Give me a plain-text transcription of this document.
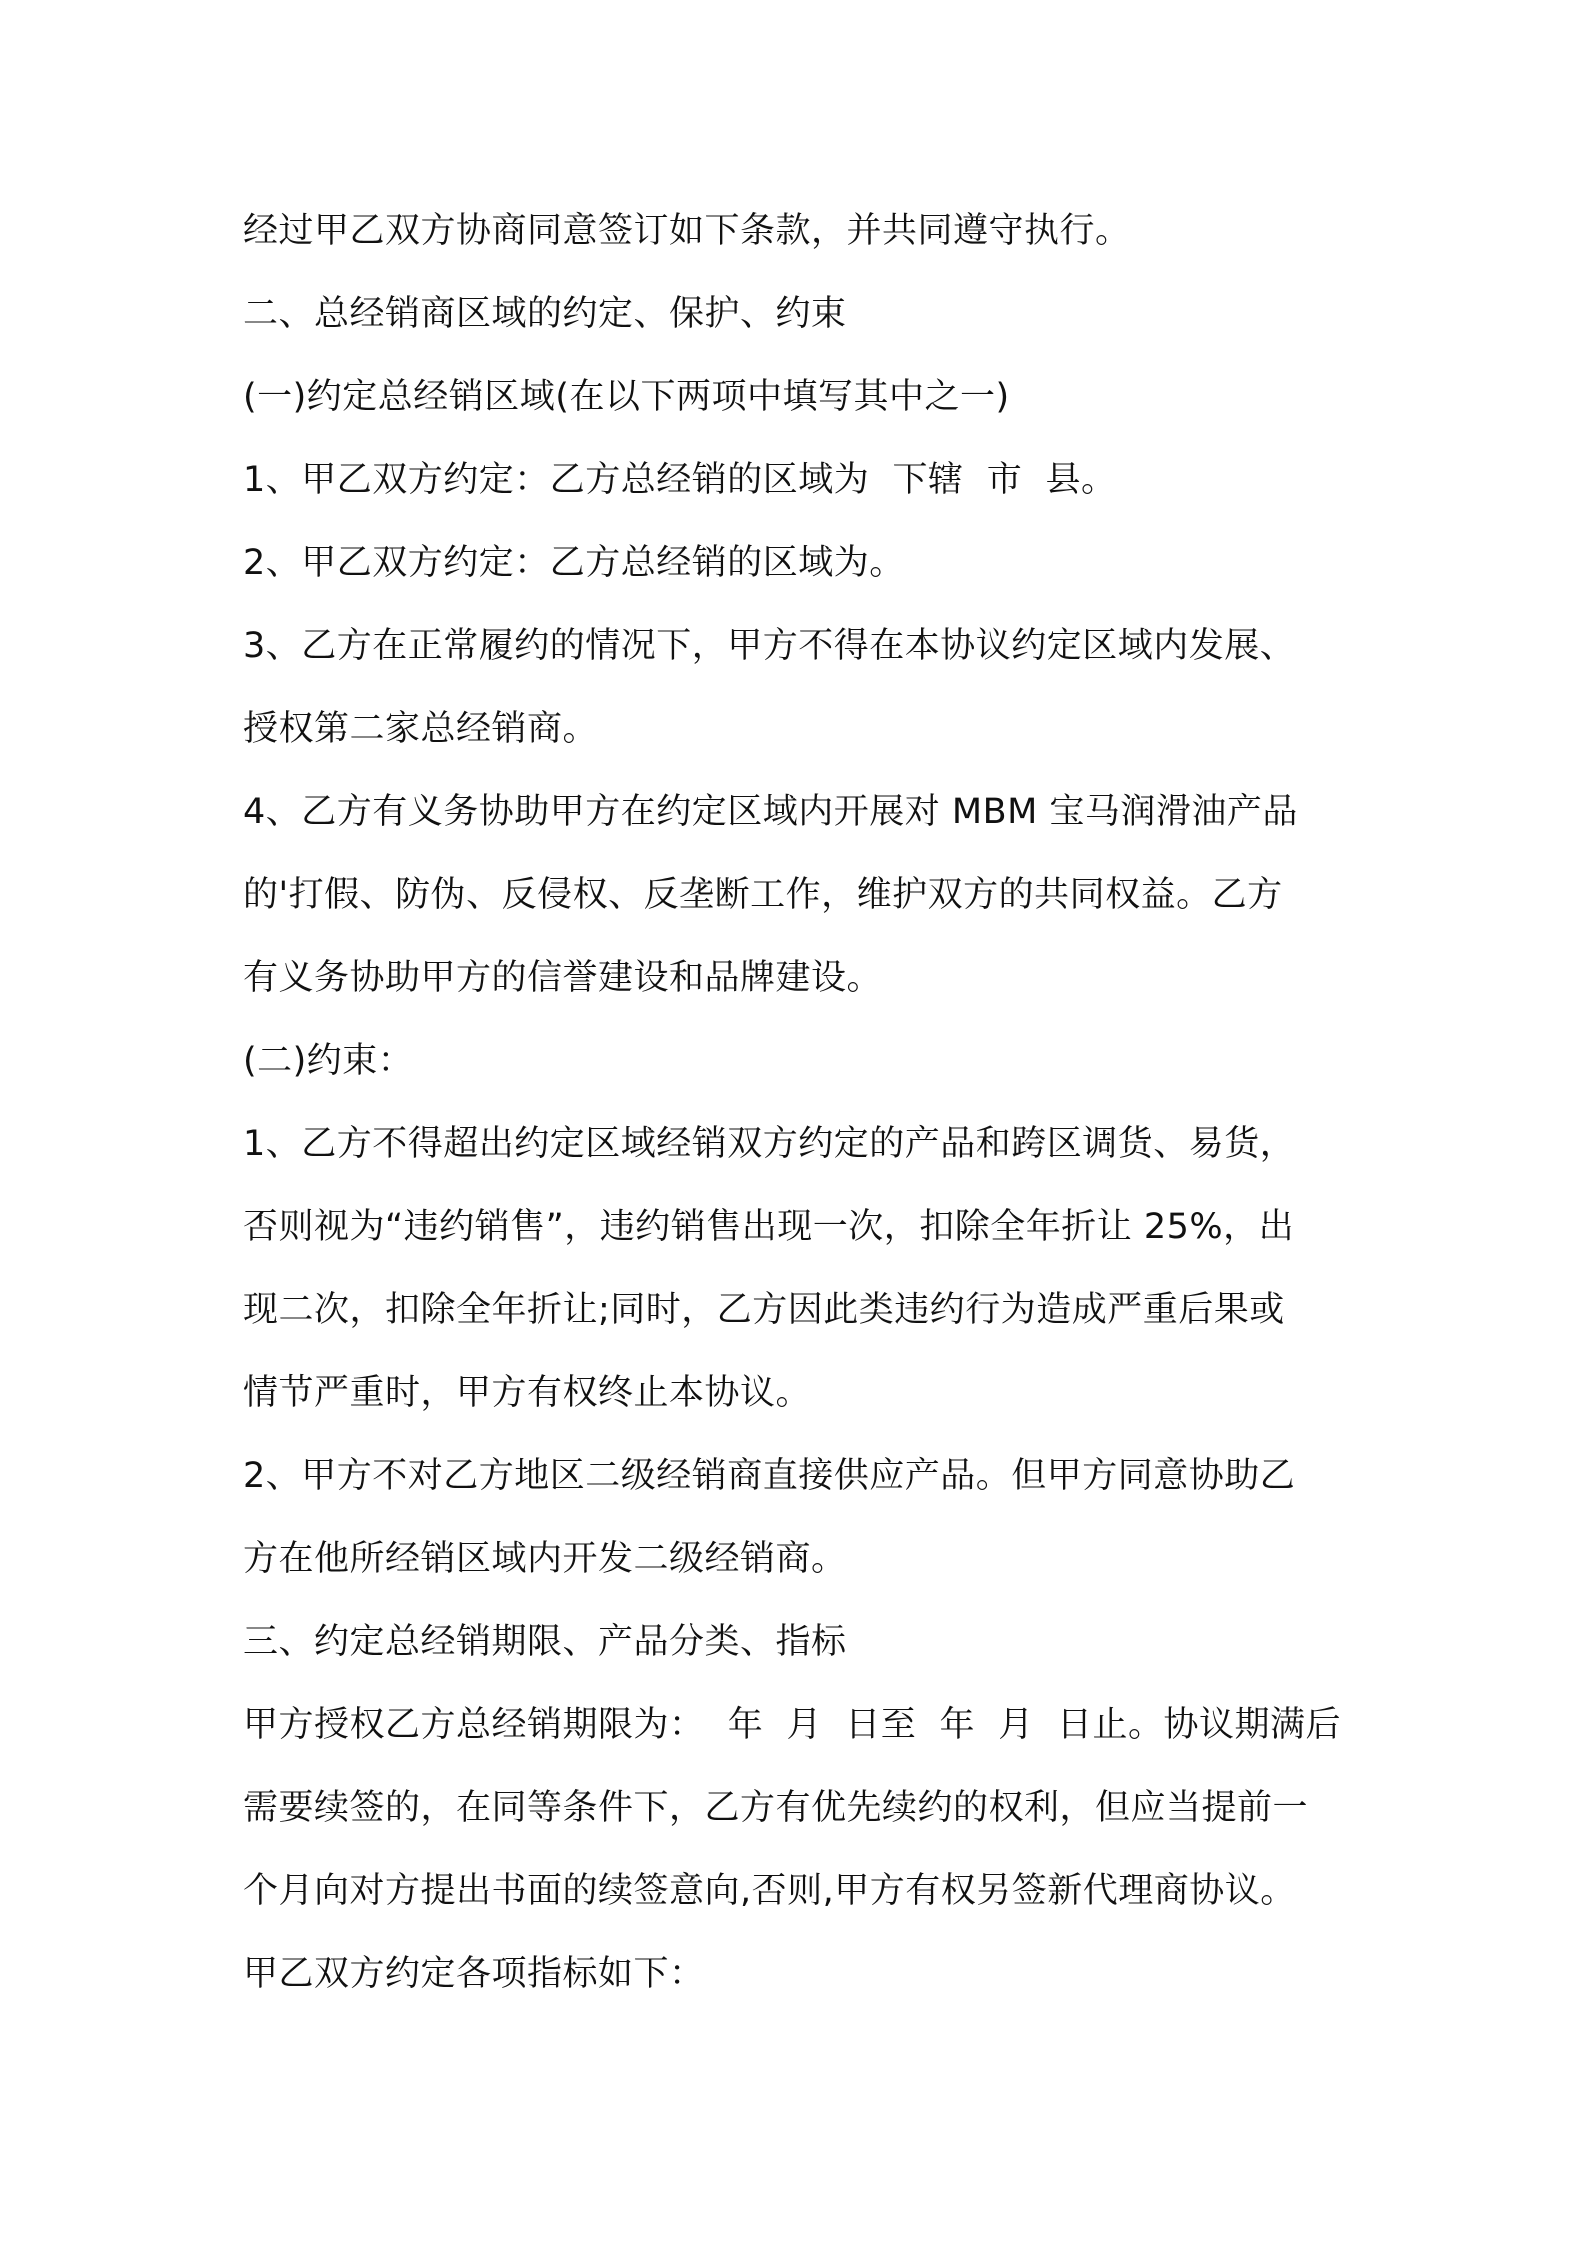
经过甲乙双方协商同意签订如下条款，并共同遵守执行。
二、总经销商区域的约定、保护、约束
(一)约定总经销区域(在以下两项中填写其中之一)
1、甲乙双方约定：乙方总经销的区域为  下辖  市  县。
2、甲乙双方约定：乙方总经销的区域为。
3、乙方在正常履约的情况下，甲方不得在本协议约定区域内发展、
授权第二家总经销商。
4、乙方有义务协助甲方在约定区域内开展对 MBM 宝马润滑油产品
的'打假、防伪、反侵权、反垄断工作，维护双方的共同权益。乙方
有义务协助甲方的信誉建设和品牌建设。
(二)约束：
1、乙方不得超出约定区域经销双方约定的产品和跨区调货、易货，
否则视为“违约销售”，违约销售出现一次，扣除全年折让 25%，出
现二次，扣除全年折让;同时，乙方因此类违约行为造成严重后果或
情节严重时，甲方有权终止本协议。
2、甲方不对乙方地区二级经销商直接供应产品。但甲方同意协助乙
方在他所经销区域内开发二级经销商。
三、约定总经销期限、产品分类、指标
甲方授权乙方总经销期限为：  年  月  日至  年  月  日止。协议期满后
需要续签的，在同等条件下，乙方有优先续约的权利，但应当提前一
个月向对方提出书面的续签意向,否则,甲方有权另签新代理商协议。
甲乙双方约定各项指标如下：
